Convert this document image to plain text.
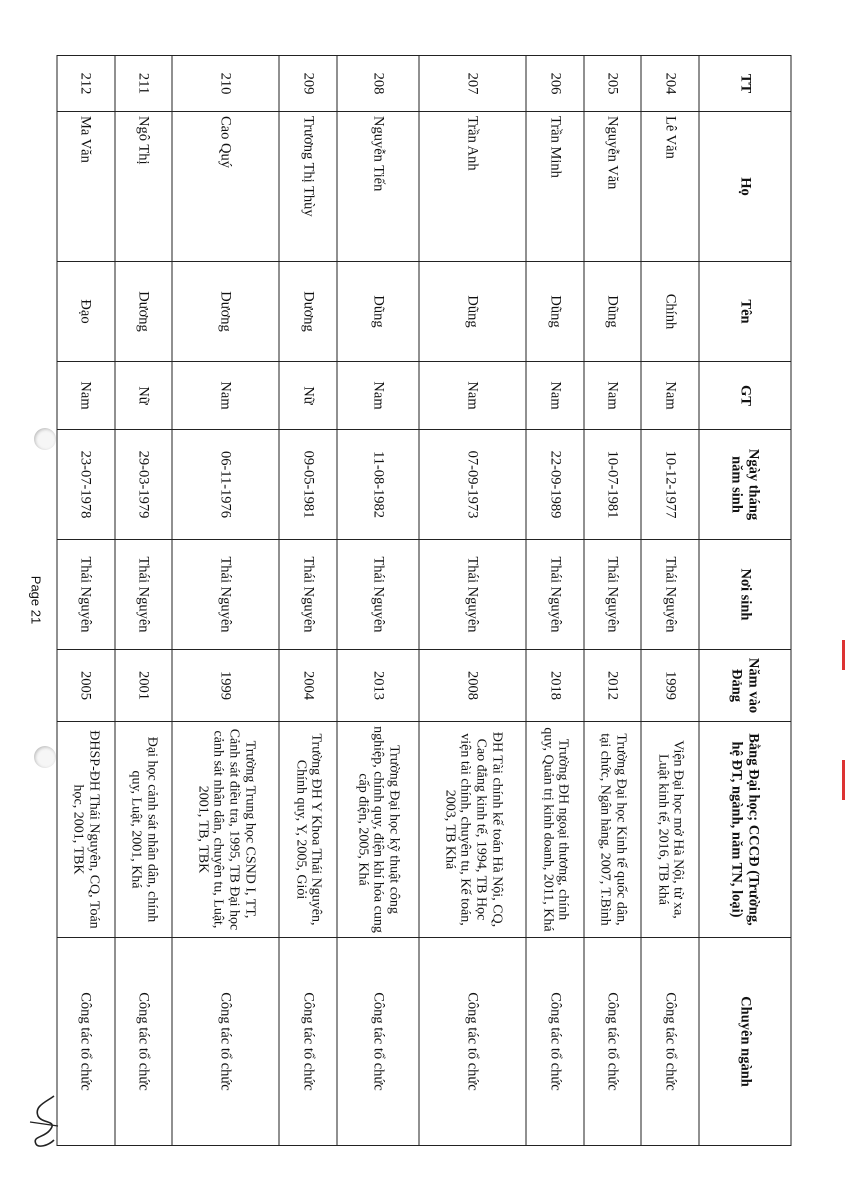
Page 21
TT	Họ	Tên	GT	Ngày tháng năm sinh	Nơi sinh	Năm vào Đảng	Bằng Đại học; CCCĐ (Trường, hệ ĐT, ngành, năm TN, loại)	Chuyên ngành
204	Lê Văn	Chính	Nam	10-12-1977	Thái Nguyên	1999	Viện Đại học mở Hà Nội, từ xa, Luật kinh tế, 2016, TB khá	Công tác tổ chức
205	Nguyễn Văn	Dũng	Nam	10-07-1981	Thái Nguyên	2012	Trường Đại học Kinh tế quốc dân, tại chức, Ngân hàng, 2007, T.Bình	Công tác tổ chức
206	Trần Minh	Dũng	Nam	22-09-1989	Thái Nguyên	2018	Trường ĐH ngoại thương, chính quy, Quản trị kinh doanh, 2011, Khá	Công tác tổ chức
207	Trần Anh	Dũng	Nam	07-09-1973	Thái Nguyên	2008	ĐH Tài chính kế toán Hà Nội, CQ, Cao đẳng kinh tế, 1994, TB Học viện tài chính, chuyên tu, Kế toán, 2003, TB Khá	Công tác tổ chức
208	Nguyễn Tiến	Dũng	Nam	11-08-1982	Thái Nguyên	2013	Trường Đại học kỹ thuật công nghiệp, chính quy, điện khí hóa cung cấp điện, 2005, Khá	Công tác tổ chức
209	Trương Thị Thùy	Dương	Nữ	09-05-1981	Thái Nguyên	2004	Trường ĐH Y Khoa Thái Nguyên, Chính quy, Y, 2005, Giỏi	Công tác tổ chức
210	Cao Quý	Dương	Nam	06-11-1976	Thái Nguyên	1999	Trường Trung học CSND I, TT, Cảnh sát điều tra, 1995, TB Đại học cảnh sát nhân dân, chuyên tu, Luật, 2001, TB, TBK	Công tác tổ chức
211	Ngô Thị	Dương	Nữ	29-03-1979	Thái Nguyên	2001	Đại học cảnh sát nhân dân, chính quy, Luật, 2001, Khá	Công tác tổ chức
212	Ma Văn	Đạo	Nam	23-07-1978	Thái Nguyên	2005	ĐHSP-ĐH Thái Nguyên, CQ, Toán học, 2001, TBK	Công tác tổ chức
